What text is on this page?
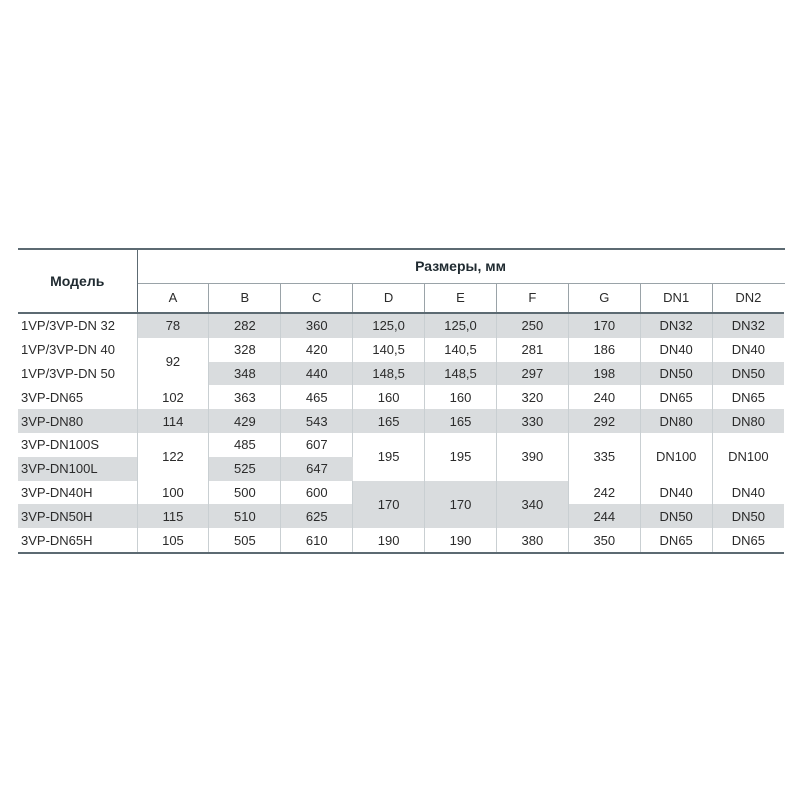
Модель	Размеры, мм								
	A	B	C	D	E	F	G	DN1	DN2
1VP/3VP-DN 32	78	282	360	125,0	125,0	250	170	DN32	DN32
1VP/3VP-DN 40	92	328	420	140,5	140,5	281	186	DN40	DN40
1VP/3VP-DN 50		348	440	148,5	148,5	297	198	DN50	DN50
3VP-DN65	102	363	465	160	160	320	240	DN65	DN65
3VP-DN80	114	429	543	165	165	330	292	DN80	DN80
3VP-DN100S	122	485	607	195	195	390	335	DN100	DN100
3VP-DN100L		525	647						
3VP-DN40H	100	500	600	170	170	340	242	DN40	DN40
3VP-DN50H	115	510	625				244	DN50	DN50
3VP-DN65H	105	505	610	190	190	380	350	DN65	DN65
